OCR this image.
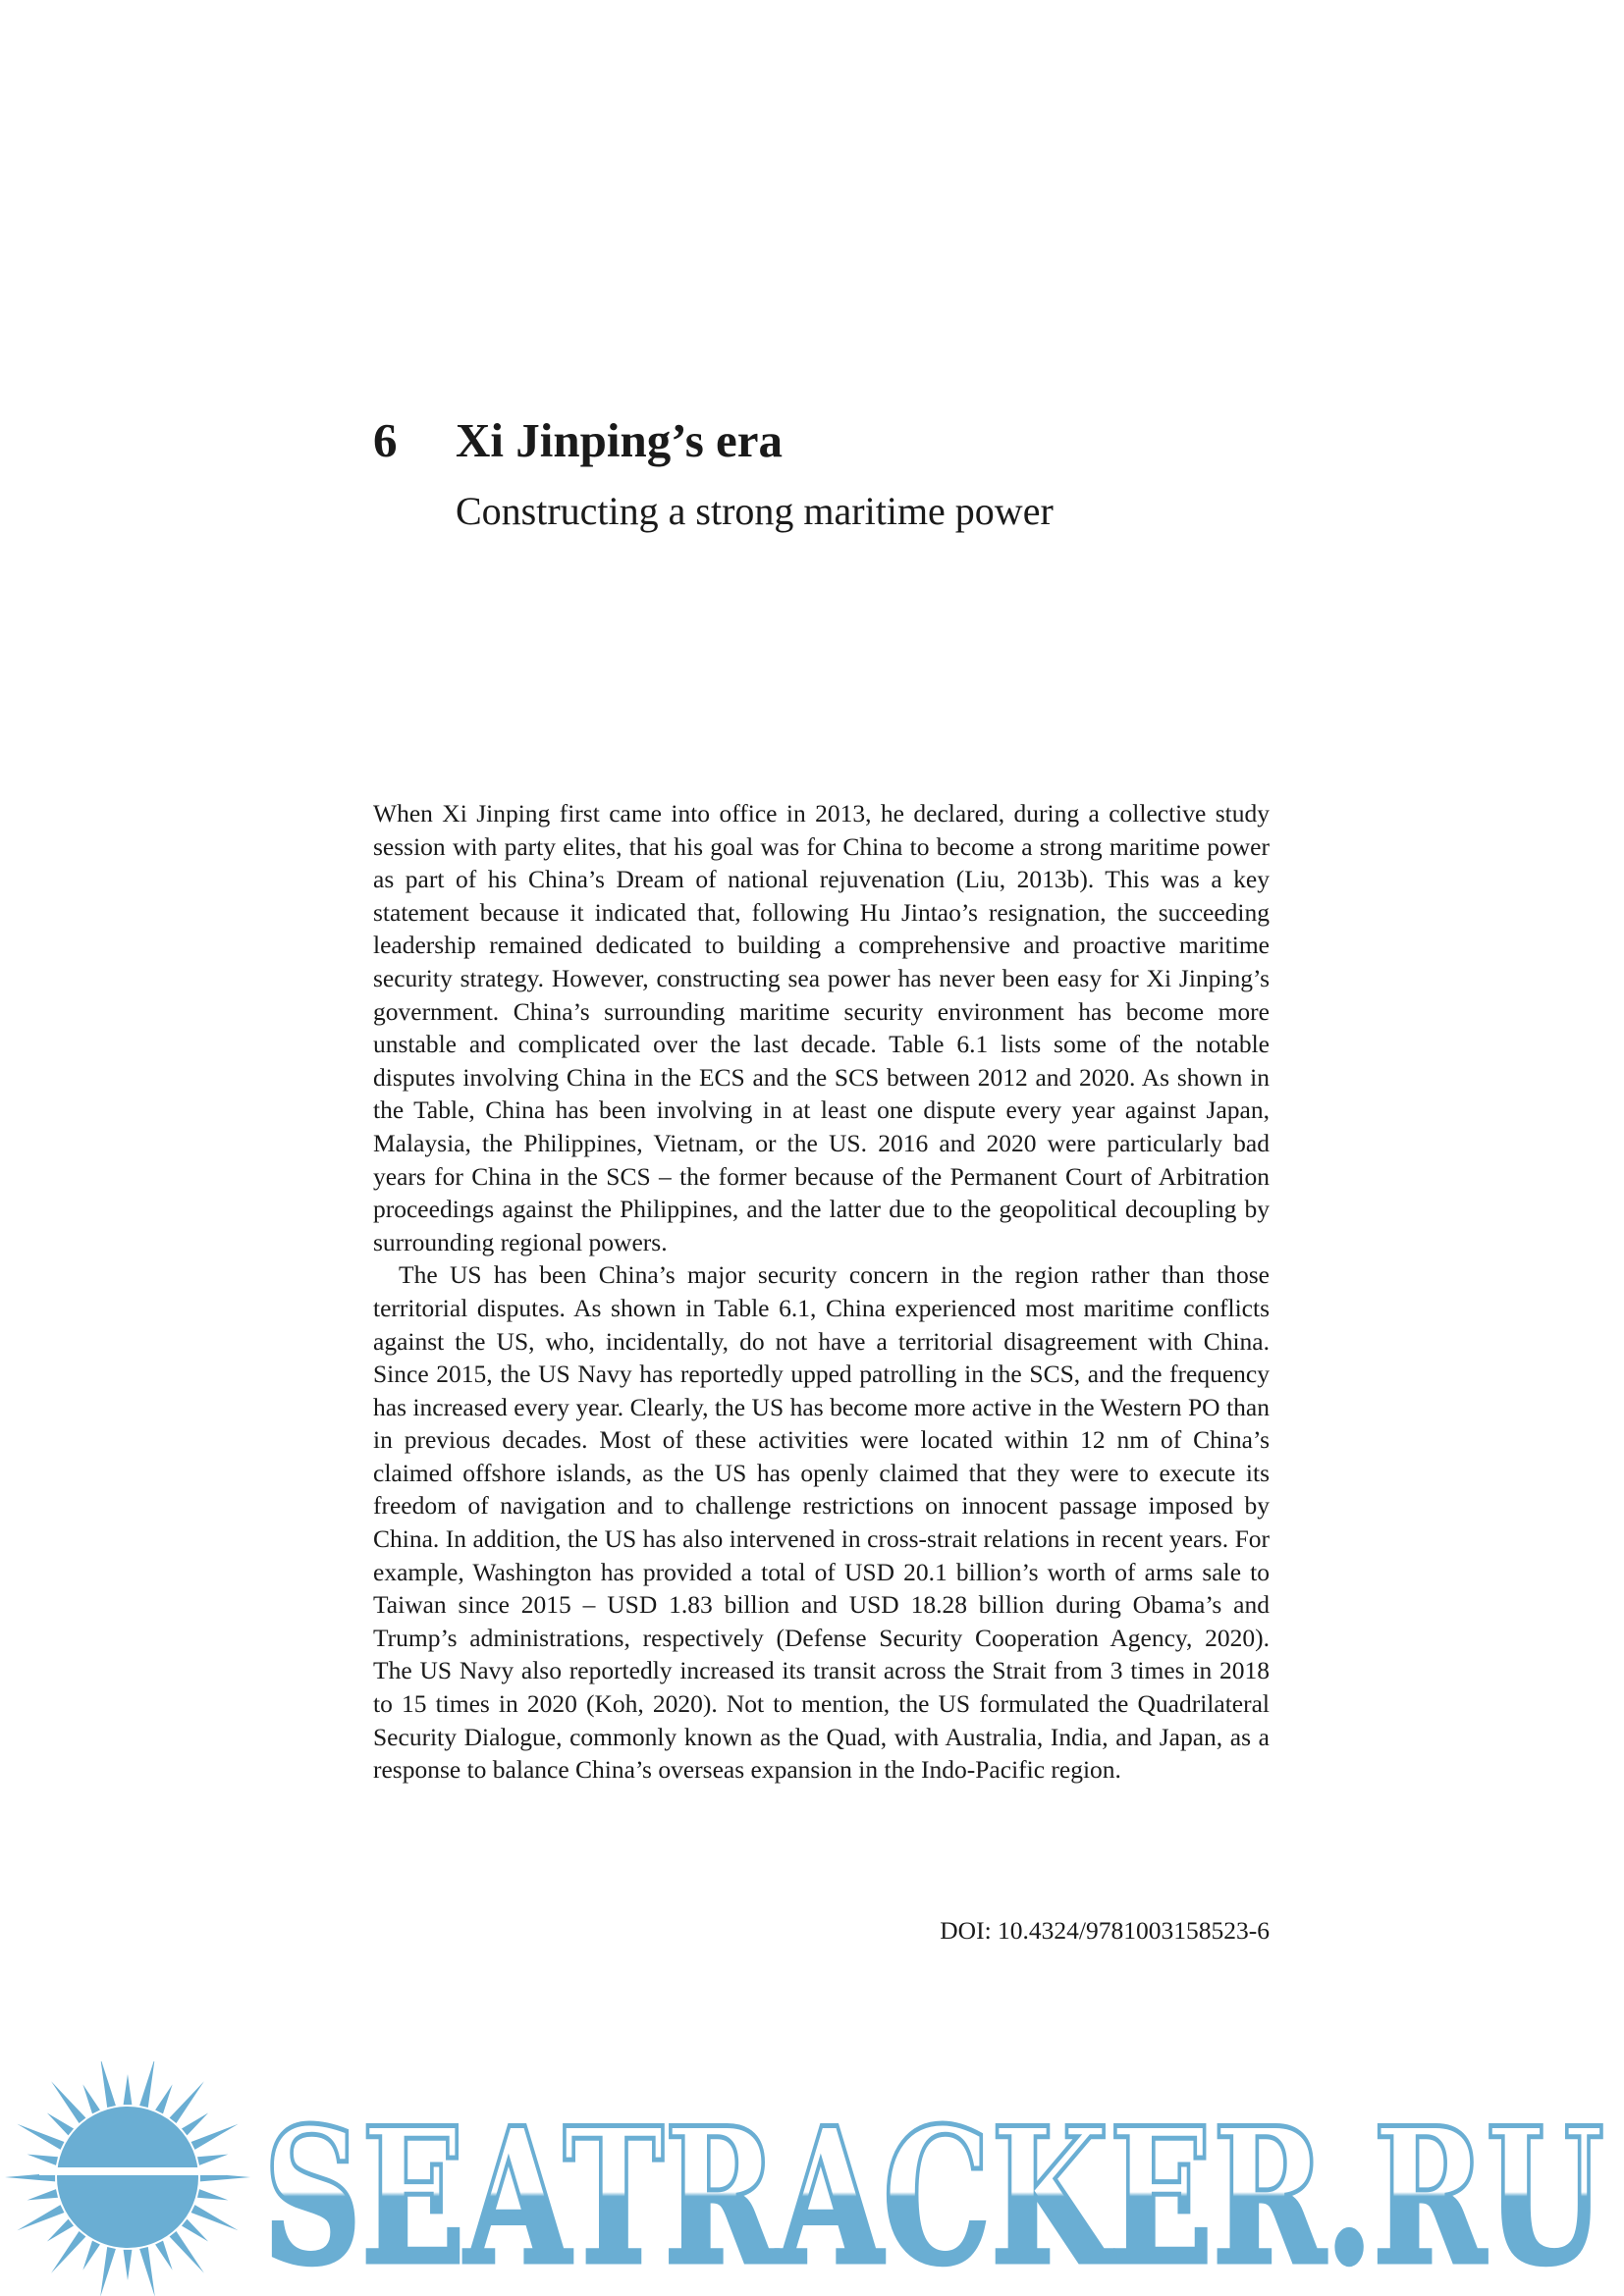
6	Xi Jinping’s era
Constructing a strong maritime power

When Xi Jinping first came into office in 2013, he declared, during a collective study session with party elites, that his goal was for China to become a strong maritime power as part of his China’s Dream of national rejuvenation (Liu, 2013b). This was a key statement because it indicated that, following Hu Jintao’s resignation, the succeeding leadership remained dedicated to building a comprehensive and proactive maritime security strategy. However, constructing sea power has never been easy for Xi Jinping’s government. China’s surrounding maritime security environment has become more unstable and complicated over the last decade. Table 6.1 lists some of the notable disputes involving China in the ECS and the SCS between 2012 and 2020. As shown in the Table, China has been involving in at least one dispute every year against Japan, Malaysia, the Philippines, Vietnam, or the US. 2016 and 2020 were particularly bad years for China in the SCS – the former because of the Permanent Court of Arbitration proceedings against the Philippines, and the latter due to the geopolitical decoupling by surrounding regional powers.

The US has been China’s major security concern in the region rather than those territorial disputes. As shown in Table 6.1, China experienced most maritime conflicts against the US, who, incidentally, do not have a territorial disagreement with China. Since 2015, the US Navy has reportedly upped patrolling in the SCS, and the frequency has increased every year. Clearly, the US has become more active in the Western PO than in previous decades. Most of these activities were located within 12 nm of China’s claimed offshore islands, as the US has openly claimed that they were to execute its freedom of navigation and to challenge restrictions on innocent passage imposed by China. In addition, the US has also intervened in cross-strait relations in recent years. For example, Washington has provided a total of USD 20.1 billion’s worth of arms sale to Taiwan since 2015 – USD 1.83 billion and USD 18.28 billion during Obama’s and Trump’s administrations, respectively (Defense Security Cooperation Agency, 2020). The US Navy also reportedly increased its transit across the Strait from 3 times in 2018 to 15 times in 2020 (Koh, 2020). Not to mention, the US formulated the Quadrilateral Security Dialogue, commonly known as the Quad, with Australia, India, and Japan, as a response to balance China’s overseas expansion in the Indo-Pacific region.

DOI: 10.4324/9781003158523-6
SEATRACKER.RU
